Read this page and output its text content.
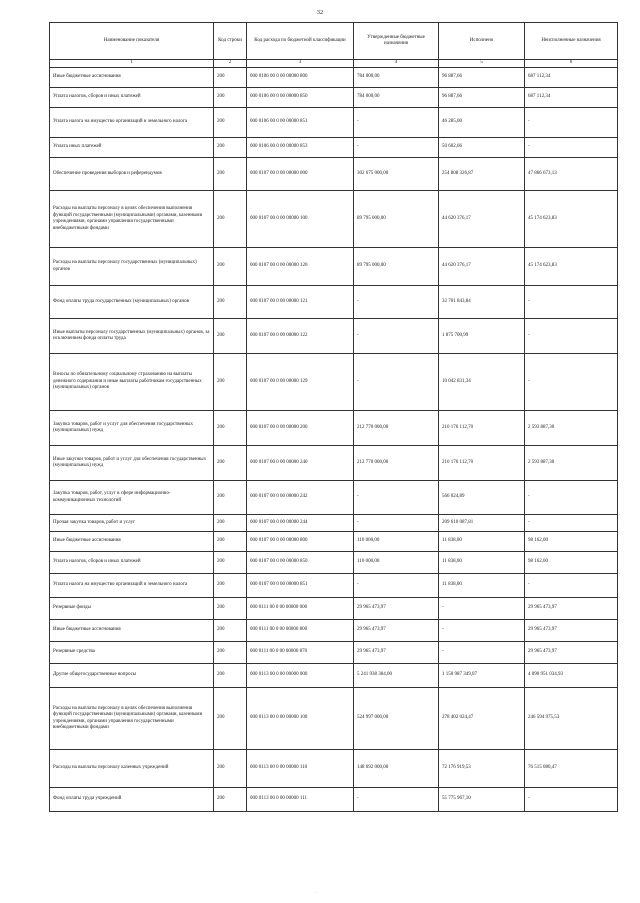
32
Наименование показателя	Код строки	Код расхода по бюджетной классификации	Утвержденные бюджетные назначения	Исполнено	Неисполненные назначения
1	2	3	4	5	6
Иные бюджетные ассигнования	200	000 0106 00 0 00 00000 800	784 000,00	96 887,66	687 112,34
Уплата налогов, сборов и иных платежей	200	000 0106 00 0 00 00000 850	784 000,00	96 887,66	687 112,34
Уплата налога на имущество организаций и земельного налога	200	000 0106 00 0 00 00000 851	-	46 285,00	-
Уплата иных платежей	200	000 0106 00 0 00 00000 853	-	50 602,66	-
Обеспечение проведения выборов и референдумов	200	000 0107 00 0 00 00000 000	302 675 000,00	254 808 326,87	47 866 673,13
Расходы на выплаты персоналу в целях обеспечения выполнения функций государственными (муниципальными) органами, казенными учреждениями, органами управления государственными внебюджетными фондами	200	000 0107 00 0 00 00000 100	89 795 000,00	44 620 376,17	45 174 623,83
Расходы на выплаты персоналу государственных (муниципальных) органов	200	000 0107 00 0 00 00000 120	89 795 000,00	44 620 376,17	45 174 623,83
Фонд оплаты труда государственных (муниципальных) органов	200	000 0107 00 0 00 00000 121	-	32 701 843,84	-
Иные выплаты персоналу государственных (муниципальных) органов, за исключением фонда оплаты труда	200	000 0107 00 0 00 00000 122	-	1 875 700,99	-
Взносы по обязательному социальному страхованию на выплаты денежного содержания и иные выплаты работникам государственных (муниципальных) органов	200	000 0107 00 0 00 00000 129	-	10 042 831,34	-
Закупка товаров, работ и услуг для обеспечения государственных (муниципальных) нужд	200	000 0107 00 0 00 00000 200	212 770 000,00	210 176 112,70	2 593 887,30
Иные закупки товаров, работ и услуг для обеспечения государственных (муниципальных) нужд	200	000 0107 00 0 00 00000 240	212 770 000,00	210 176 112,70	2 593 887,30
Закупка товаров, работ, услуг в сфере информационно-коммуникационных технологий	200	000 0107 00 0 00 00000 242	-	566 024,89	-
Прочая закупка товаров, работ и услуг	200	000 0107 00 0 00 00000 244	-	209 610 087,81	-
Иные бюджетные ассигнования	200	000 0107 00 0 00 00000 800	110 000,00	11 838,00	98 162,00
Уплата налогов, сборов и иных платежей	200	000 0107 00 0 00 00000 850	110 000,00	11 838,00	98 162,00
Уплата налога на имущество организаций и земельного налога	200	000 0107 00 0 00 00000 851	-	11 838,00	-
Резервные фонды	200	000 0111 00 0 00 00000 000	29 965 473,97	-	29 965 473,97
Иные бюджетные ассигнования	200	000 0111 00 0 00 00000 800	29 965 473,97	-	29 965 473,97
Резервные средства	200	000 0111 00 0 00 00000 870	29 965 473,97	-	29 965 473,97
Другие общегосударственные вопросы	200	000 0113 00 0 00 00000 000	5 241 938 384,00	1 150 987 349,07	4 090 951 034,93
Расходы на выплаты персоналу в целях обеспечения выполнения функций государственными (муниципальными) органами, казенными учреждениями, органами управления государственными внебюджетными фондами	200	000 0113 00 0 00 00000 100	524 997 000,00	278 402 024,47	246 594 975,53
Расходы на выплаты персоналу казенных учреждений	200	000 0113 00 0 00 00000 110	148 692 000,00	72 176 919,53	76 515 080,47
Фонд оплаты труда учреждений	200	000 0113 00 0 00 00000 111	-	55 775 967,10	-
·
